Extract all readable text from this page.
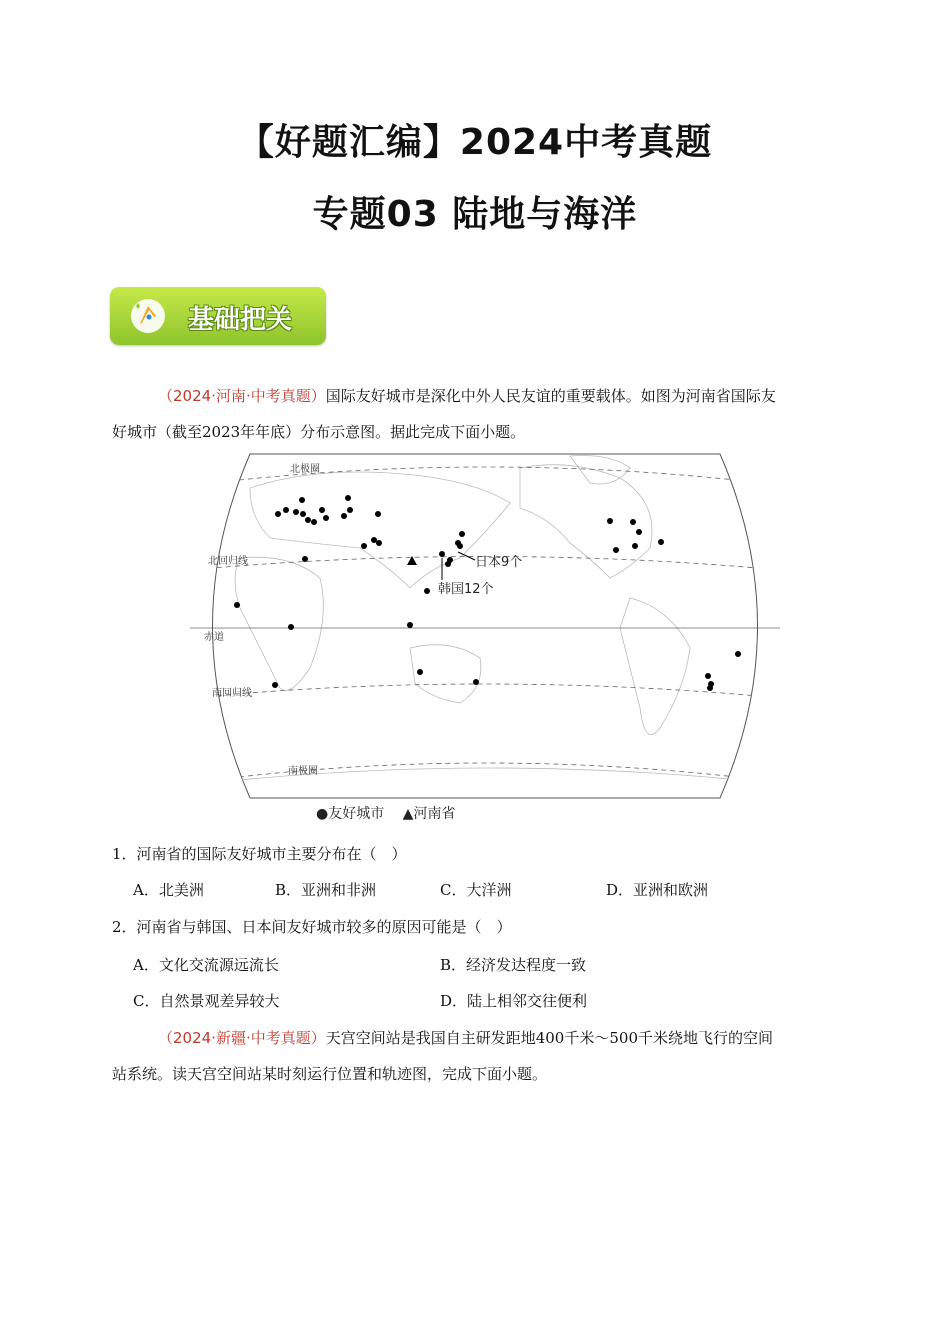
【好题汇编】2024中考真题
专题03 陆地与海洋
基础把关
（2024·河南·中考真题）国际友好城市是深化中外人民友谊的重要载体。如图为河南省国际友
好城市（截至2023年年底）分布示意图。据此完成下面小题。
北极圈
北回归线
赤道
南回归线
南极圈
日本9个
韩国12个
●友好城市 ▲河南省
1．河南省的国际友好城市主要分布在（　）
A．北美洲	B．亚洲和非洲	C．大洋洲	D．亚洲和欧洲
2．河南省与韩国、日本间友好城市较多的原因可能是（　）
A．文化交流源远流长	B．经济发达程度一致
C．自然景观差异较大	D．陆上相邻交往便利
（2024·新疆·中考真题）天宫空间站是我国自主研发距地400千米～500千米绕地飞行的空间
站系统。读天宫空间站某时刻运行位置和轨迹图，完成下面小题。
